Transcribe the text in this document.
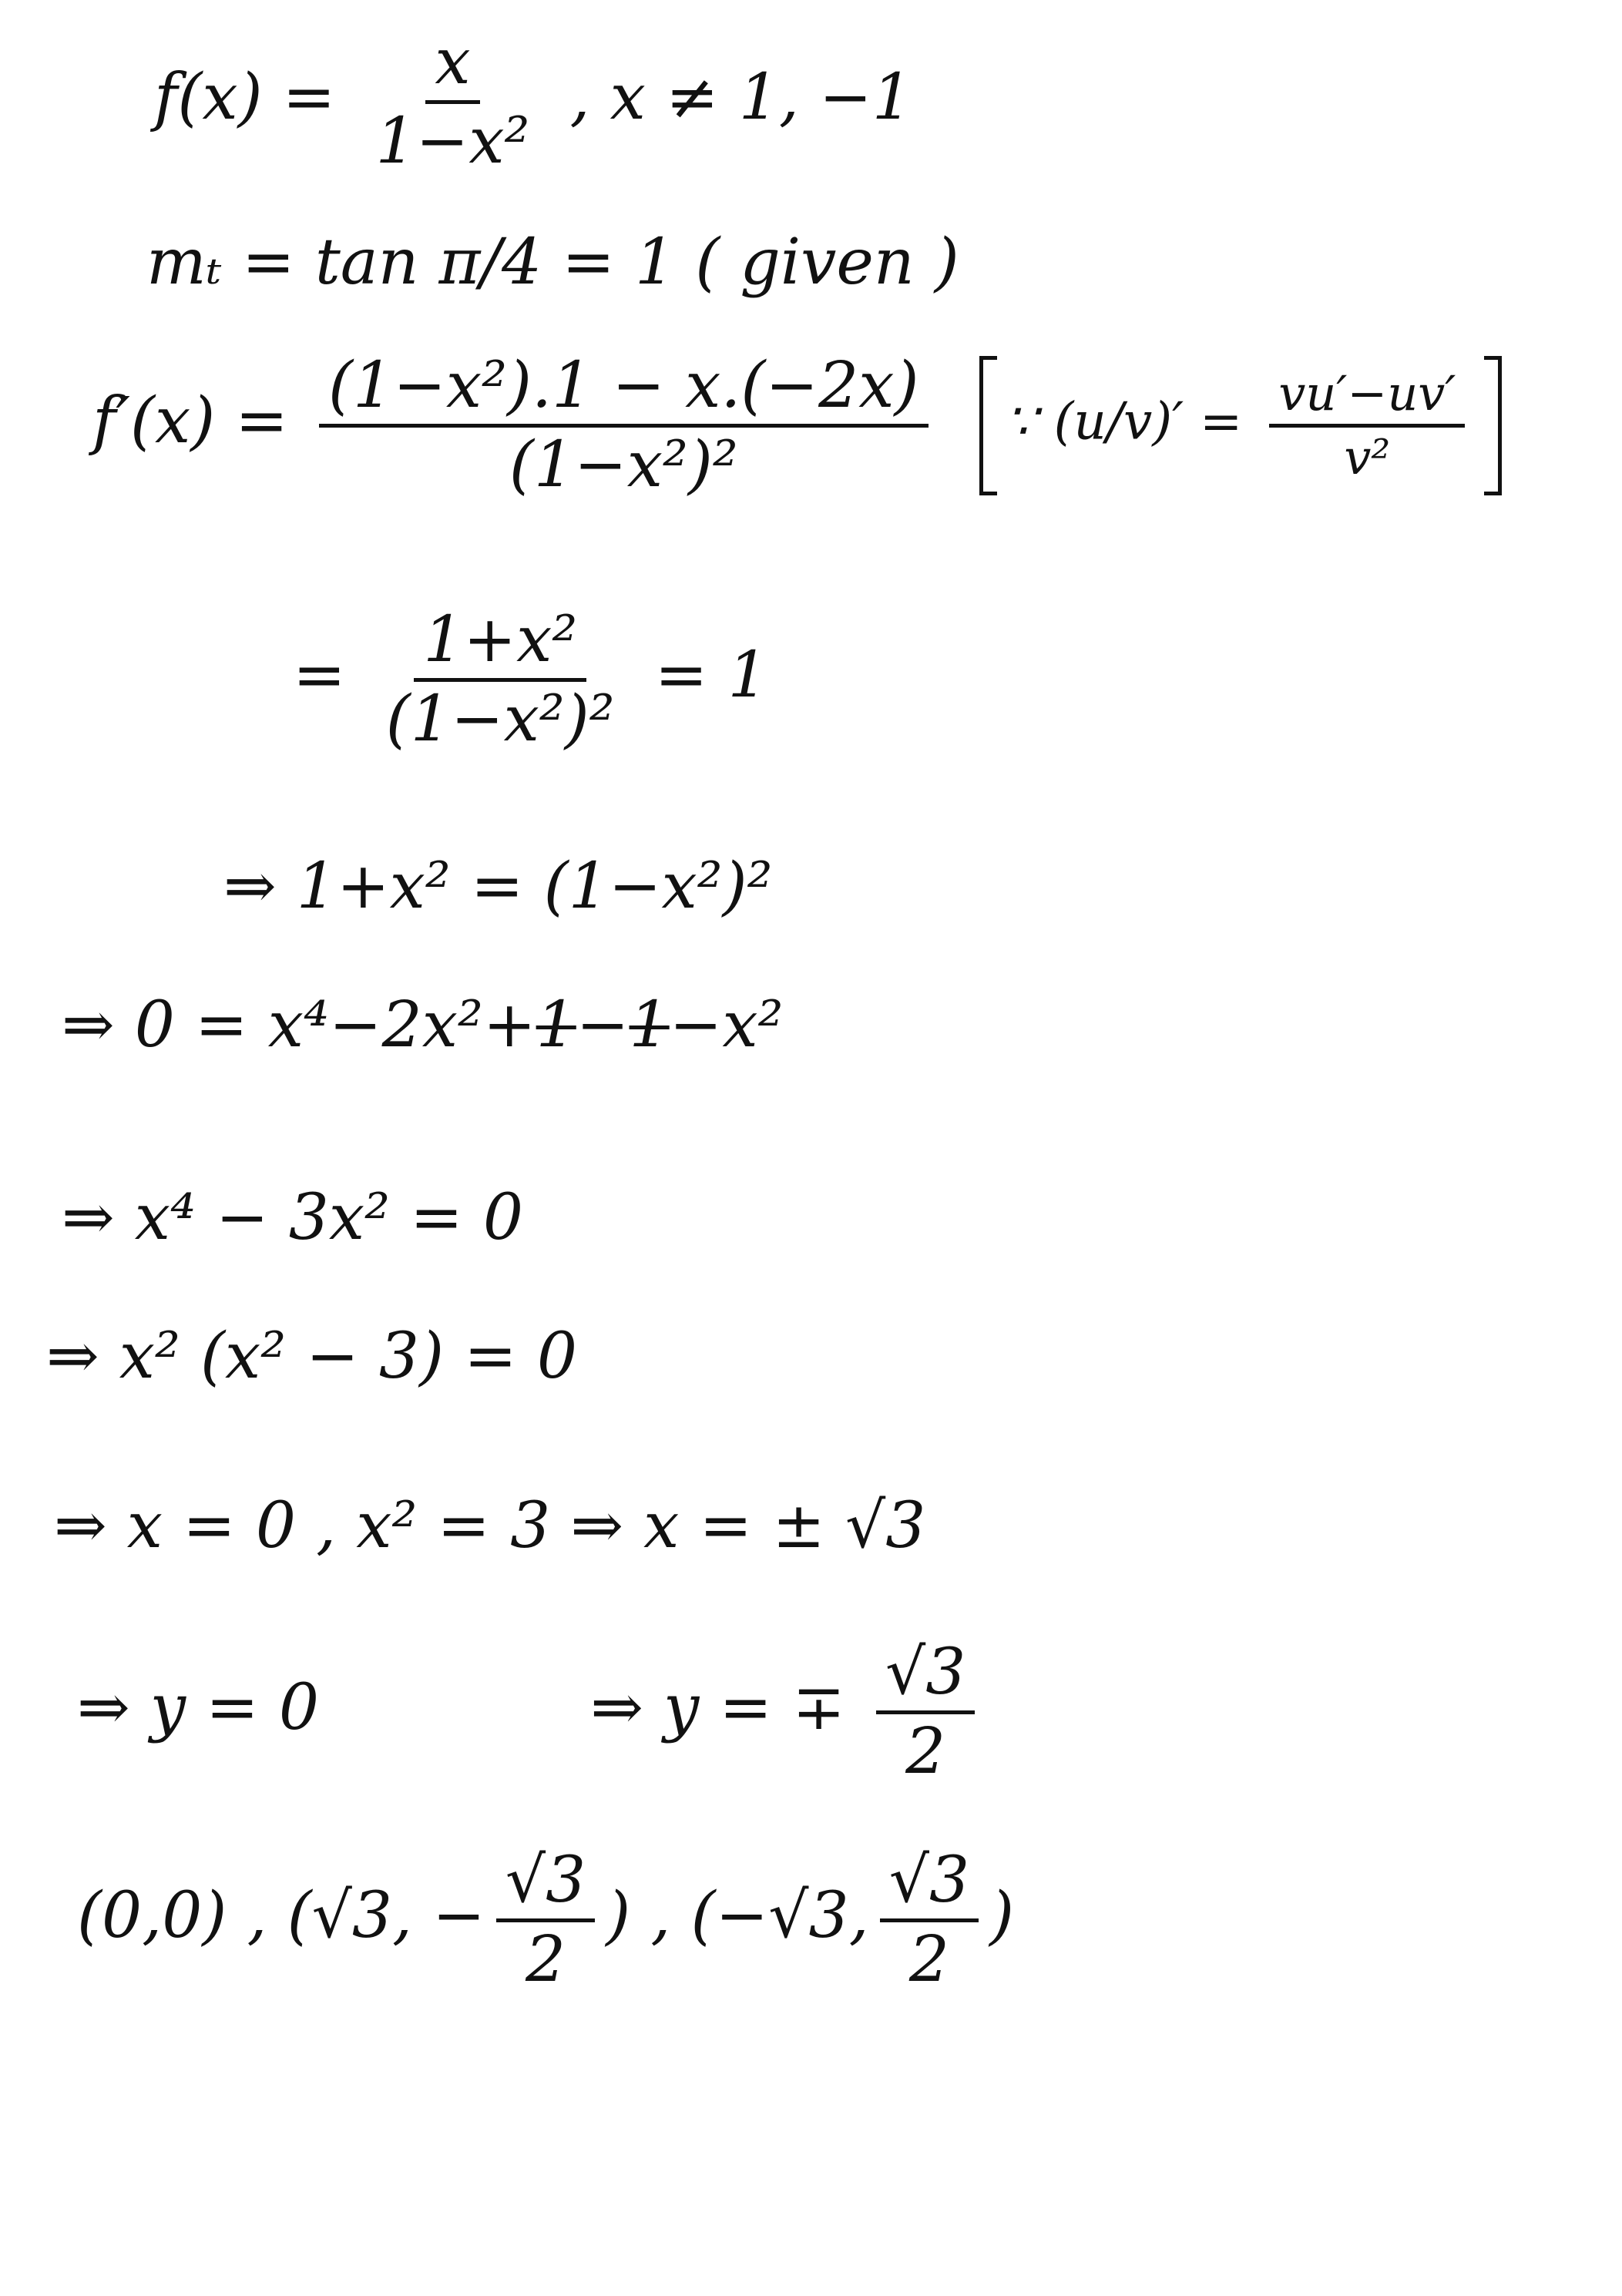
$f(x) = \frac{x}{\text{1−x²}}$ , x ≠ 1, −1
mₜ = tan π/4 = 1 ( given )
$f'(x) = \frac{\text{(1−x²).1 − x.(−2x)}}{\text{(1−x²)²}}$ ∵ $(u/v)' = \frac{vu'-uv'}{\text{v²}}$
= $\frac{\text{1+x²}}{\text{(1−x²)²}} = 1$
⇒ 1+x² = (1−x²)²
⇒ 0 = x⁴−2x²+1−1−x²
⇒ x⁴ − 3x² = 0
⇒ x² (x² − 3) = 0
⇒ x = 0 , x² = 3 ⇒ x = ± √3
⇒ y = 0	⇒ y = ∓ $\frac{√3}{2}$
(0,0) , (√3, − $\frac{√3}{2}$ ) , (−√3, $\frac{√3}{2}$ )
